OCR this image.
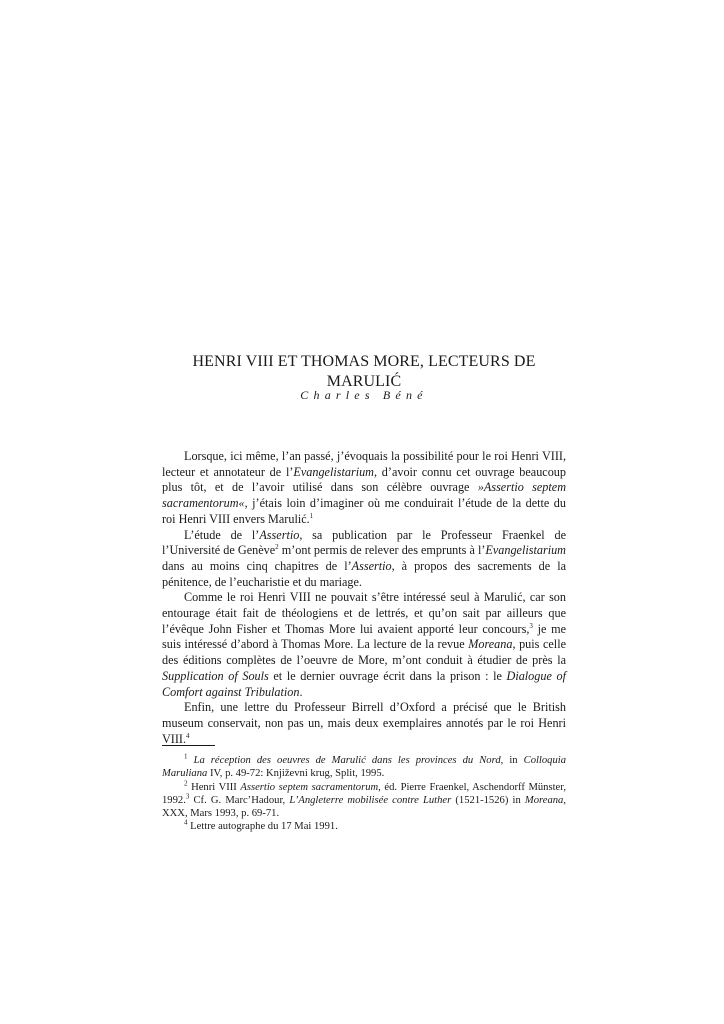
HENRI VIII ET THOMAS MORE, LECTEURS DE MARULIĆ
Charles Béné

Lorsque, ici même, l’an passé, j’évoquais la possibilité pour le roi Henri VIII, lecteur et annotateur de l’Evangelistarium, d’avoir connu cet ouvrage beaucoup plus tôt, et de l’avoir utilisé dans son célèbre ouvrage »Assertio septem sacramentorum«, j’étais loin d’imaginer où me conduirait l’étude de la dette du roi Henri VIII envers Marulić.$^1$

L’étude de l’Assertio, sa publication par le Professeur Fraenkel de l’Université de Genève$^2$ m’ont permis de relever des emprunts à l’Evangelistarium dans au moins cinq chapitres de l’Assertio, à propos des sacrements de la pénitence, de l’eucharistie et du mariage.

Comme le roi Henri VIII ne pouvait s’être intéressé seul à Marulić, car son entourage était fait de théologiens et de lettrés, et qu’on sait par ailleurs que l’évêque John Fisher et Thomas More lui avaient apporté leur concours,$^3$ je me suis intéressé d’abord à Thomas More. La lecture de la revue Moreana, puis celle des éditions complètes de l’oeuvre de More, m’ont conduit à étudier de près la Supplication of Souls et le dernier ouvrage écrit dans la prison : le Dialogue of Comfort against Tribulation.

Enfin, une lettre du Professeur Birrell d’Oxford a précisé que le British museum conservait, non pas un, mais deux exemplaires annotés par le roi Henri VIII.$^4$

$^1$ La réception des oeuvres de Marulić dans les provinces du Nord, in Colloquia Maruliana IV, p. 49-72: Književni krug, Split, 1995.

$^2$ Henri VIII Assertio septem sacramentorum, éd. Pierre Fraenkel, Aschendorff Münster, 1992.$^3$ Cf. G. Marc’Hadour, L’Angleterre mobilisée contre Luther (1521-1526) in Moreana, XXX, Mars 1993, p. 69-71.

$^4$ Lettre autographe du 17 Mai 1991.
